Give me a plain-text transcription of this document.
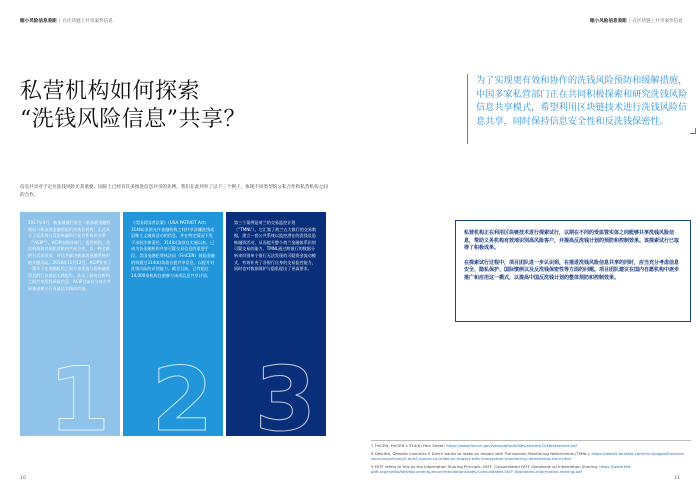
缩小风险信息差距 | 在区块链上共享案件信息
私营机构如何探索
“洗钱风险信息”共享？
信息共享对于定位洗钱风险尤其重要。国际上已经有许多推进信息共享的先例。我们在此列举了以下三个例子，体现不同类型的公私合作和私营机构之间的合作。
2017年4月，新加坡银行协会（新加坡金融管理局与新加坡金融情报机构商业机构）正式成立了反洗钱与反恐怖融资行业合作伙伴关系（“ACIP”）。ACIP由政府部门、监管机构、执法机构和其他私营机构共同合作，以一种全新的方式来识别、评估并解决新加坡金融系统中的关键风险。2018年11月12日，ACIP发布了一篇关于在金融机构之间分享洗钱与恐怖融资信息的行业最佳实践报告，涉及了如何在机构之间共享洗钱风险信息、ACIP目前在与各方共同推进相关行业最佳实践的改进。
1
《美国爱国者法案》（USA PATRIOT Act）314(b)条款允许金融机构之间共享涉嫌洗钱或恐怖主义融资活动的信息，并在特定情况下免于承担法律责任。314(b)条款自实施以来，已成为各金融机构共享可疑交易信息的重要手段。美国金融犯罪执法局（FinCEN）鼓励金融机构通过314(b)条款自愿共享信息，以提升对洗钱风险的识别能力。截至目前，已有超过14,000家机构注册参与该项信息共享计划。
2
第三个案例是荷兰的交易监控计划（“TMNL”）。它汇集了荷兰五大银行的交易数据，建立一套公共系统以监控潜在的洗钱及恐怖融资活动，从而提升整个荷兰金融体系识别可疑交易的能力。TMNL通过跨银行的数据分析来识别单个银行无法发现的可疑资金流动模式，有效补充了各银行自身的交易监控能力，同时也对数据保护与隐私提出了更高要求。
3
10
缩小风险信息差距 | 在区块链上共享案件信息
为了实现更有效和协作的洗钱风险预防和缓解措施，中国多家私营部门正在共同积极探索和研究洗钱风险信息共享模式，希望利用区块链技术进行洗钱风险信息共享，同时保持信息安全性和反洗钱保密性。

私营机构正在利用区块链技术进行探索试行，以期在不同的受监管实体之间能够共享洗钱风险信息，帮助义务机构有效地识别高风险客户，并提高反洗钱计划的预防和控制效果。该探索试行已取得了积极成果。

在探索试行过程中，项目团队进一步认识到，在推进洗钱风险信息共享的同时，应当充分考虑信息安全、隐私保护、国际惯例以及反洗钱保密性等方面的问题。项目团队建议在国内自愿机构中逐步推广和应用这一模式，以提高中国反洗钱计划的整体预防和控制效果。

7 FinCEN, FinCEN’s 314(b) Fact Sheet: https://www.fincen.gov/sites/default/files/shared/314bfactsheet.pdf
8 Deloitte, Deloitte connects 5 Dutch banks to make an impact with Transaction Monitoring Netherlands (TMNL): https://www2.deloitte.com/nl/nl/pages/financial-services/articles/5-dutch-banks-to-make-an-impact-with-transaction-monitoring-netherlands-tmnl.html
9 FATF refers to this as the Information Sharing Principle. FATF, Consolidated FATF Standards on Information Sharing: https://www.fatf-gafi.org/media/fatf/documents/recommendations/pdfs/Consolidated-FATF-Standards-information-sharing.pdf
11
